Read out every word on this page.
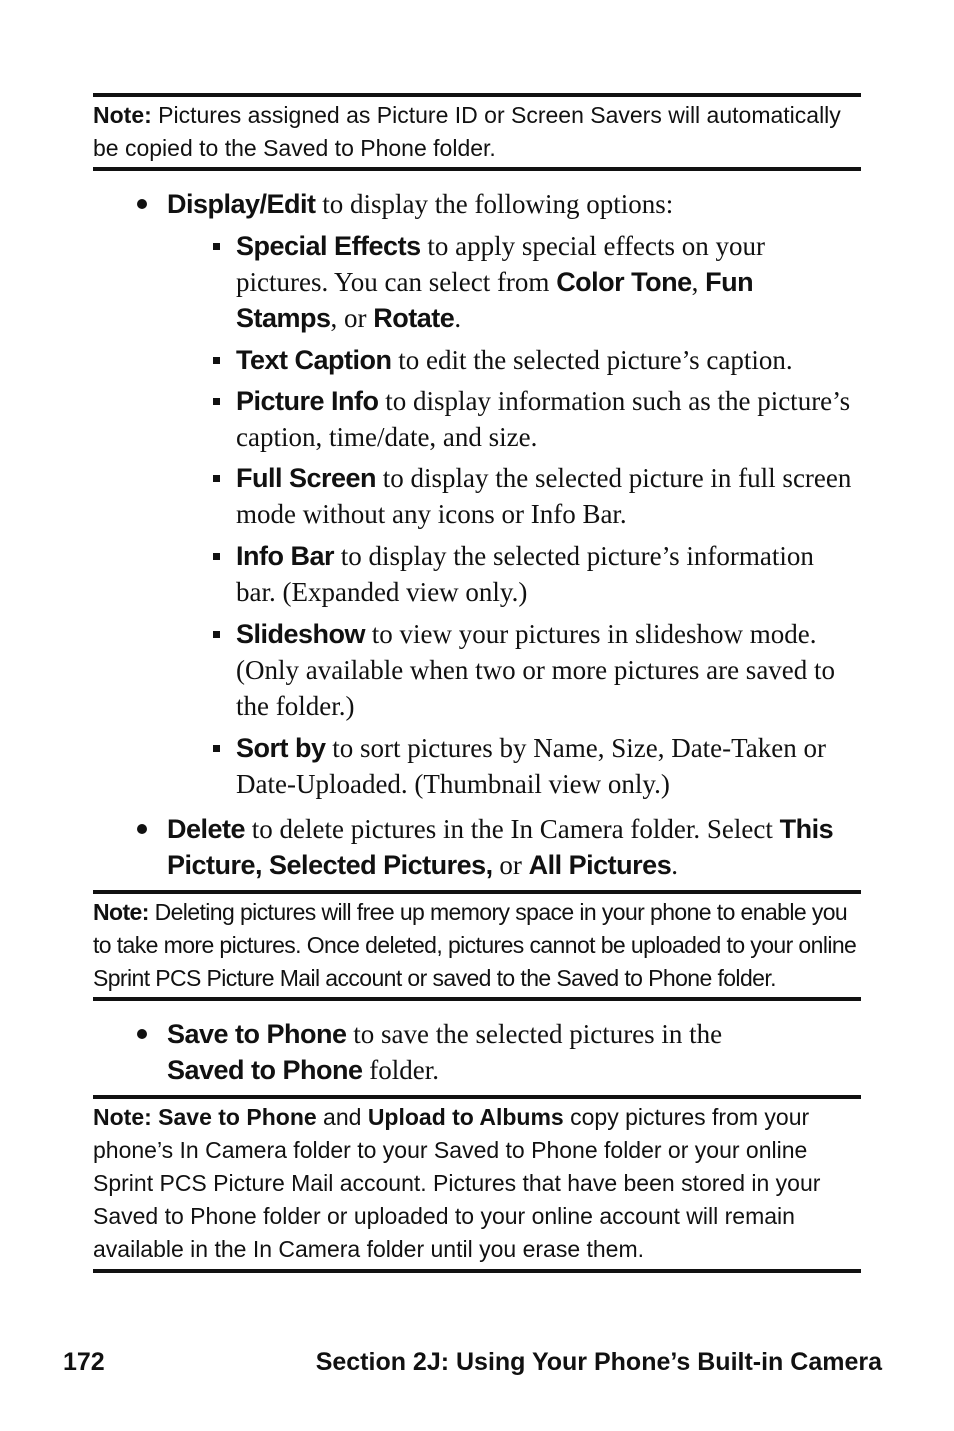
Note: Pictures assigned as Picture ID or Screen Savers will automatically be copied to the Saved to Phone folder.
Display/Edit to display the following options:
Special Effects to apply special effects on your pictures. You can select from Color Tone, Fun Stamps, or Rotate.
Text Caption to edit the selected picture’s caption.
Picture Info to display information such as the picture’s caption, time/date, and size.
Full Screen to display the selected picture in full screen mode without any icons or Info Bar.
Info Bar to display the selected picture’s information bar. (Expanded view only.)
Slideshow to view your pictures in slideshow mode. (Only available when two or more pictures are saved to the folder.)
Sort by to sort pictures by Name, Size, Date-Taken or Date-Uploaded. (Thumbnail view only.)
Delete to delete pictures in the In Camera folder. Select This Picture, Selected Pictures, or All Pictures.
Note: Deleting pictures will free up memory space in your phone to enable you to take more pictures. Once deleted, pictures cannot be uploaded to your online Sprint PCS Picture Mail account or saved to the Saved to Phone folder.
Save to Phone to save the selected pictures in the
Saved to Phone folder.
Note: Save to Phone and Upload to Albums copy pictures from your phone’s In Camera folder to your Saved to Phone folder or your online Sprint PCS Picture Mail account. Pictures that have been stored in your Saved to Phone folder or uploaded to your online account will remain available in the In Camera folder until you erase them.
172	Section 2J: Using Your Phone’s Built-in Camera
